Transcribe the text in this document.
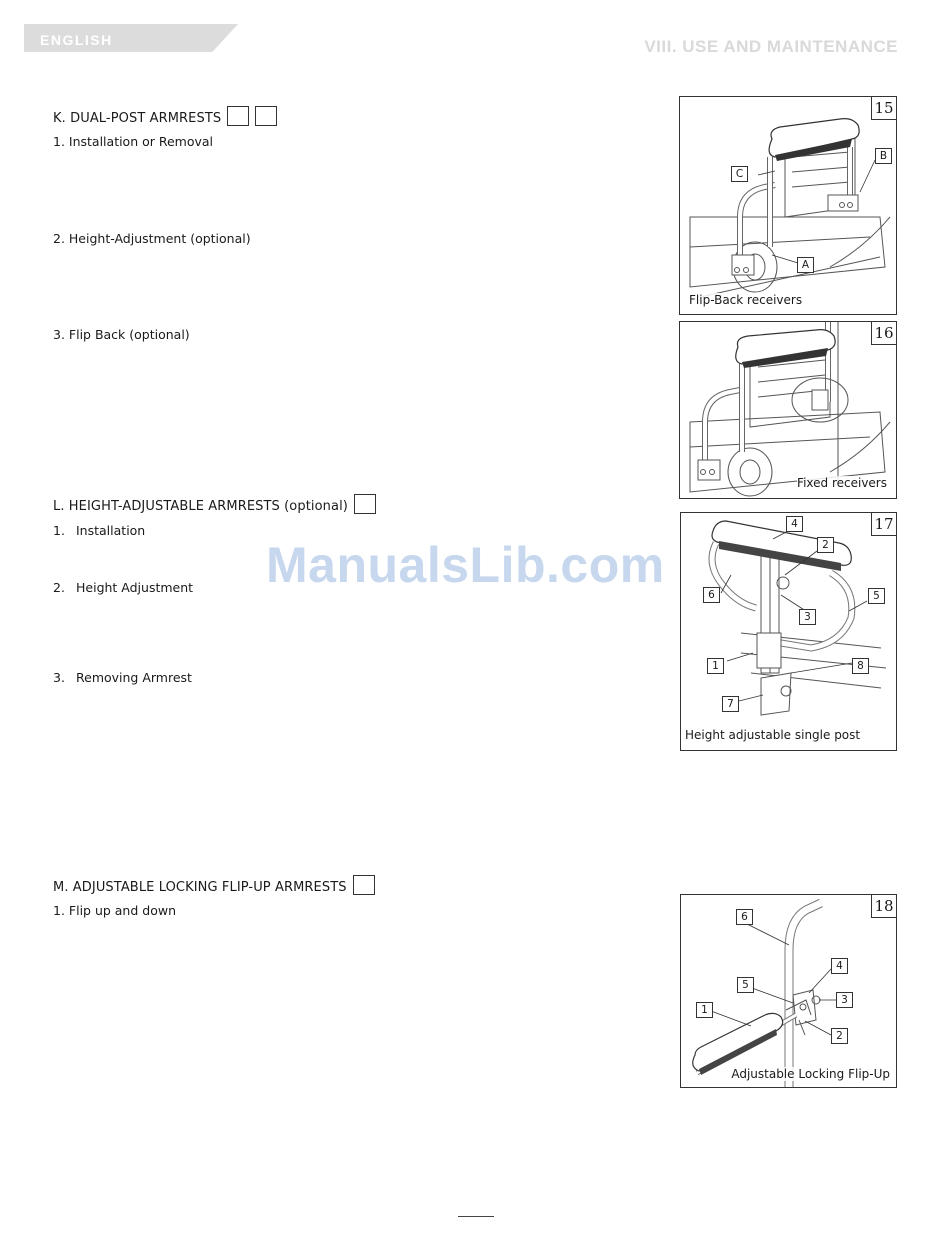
ENGLISH	VIII. USE AND MAINTENANCE
K. DUAL-POST ARMRESTS
1. Installation or Removal
2. Height-Adjustment (optional)
3. Flip Back (optional)
L. HEIGHT-ADJUSTABLE ARMRESTS (optional)
1. Installation
2. Height Adjustment
3. Removing Armrest
M. ADJUSTABLE LOCKING FLIP-UP ARMRESTS
1. Flip up and down
C
B
A
15
Flip-Back receivers
16
Fixed receivers
4
2
6
3
5
1	8
7
17
Height adjustable single post
6
4
5
3
1
2
18
Adjustable Locking Flip-Up
ManualsLib.com
